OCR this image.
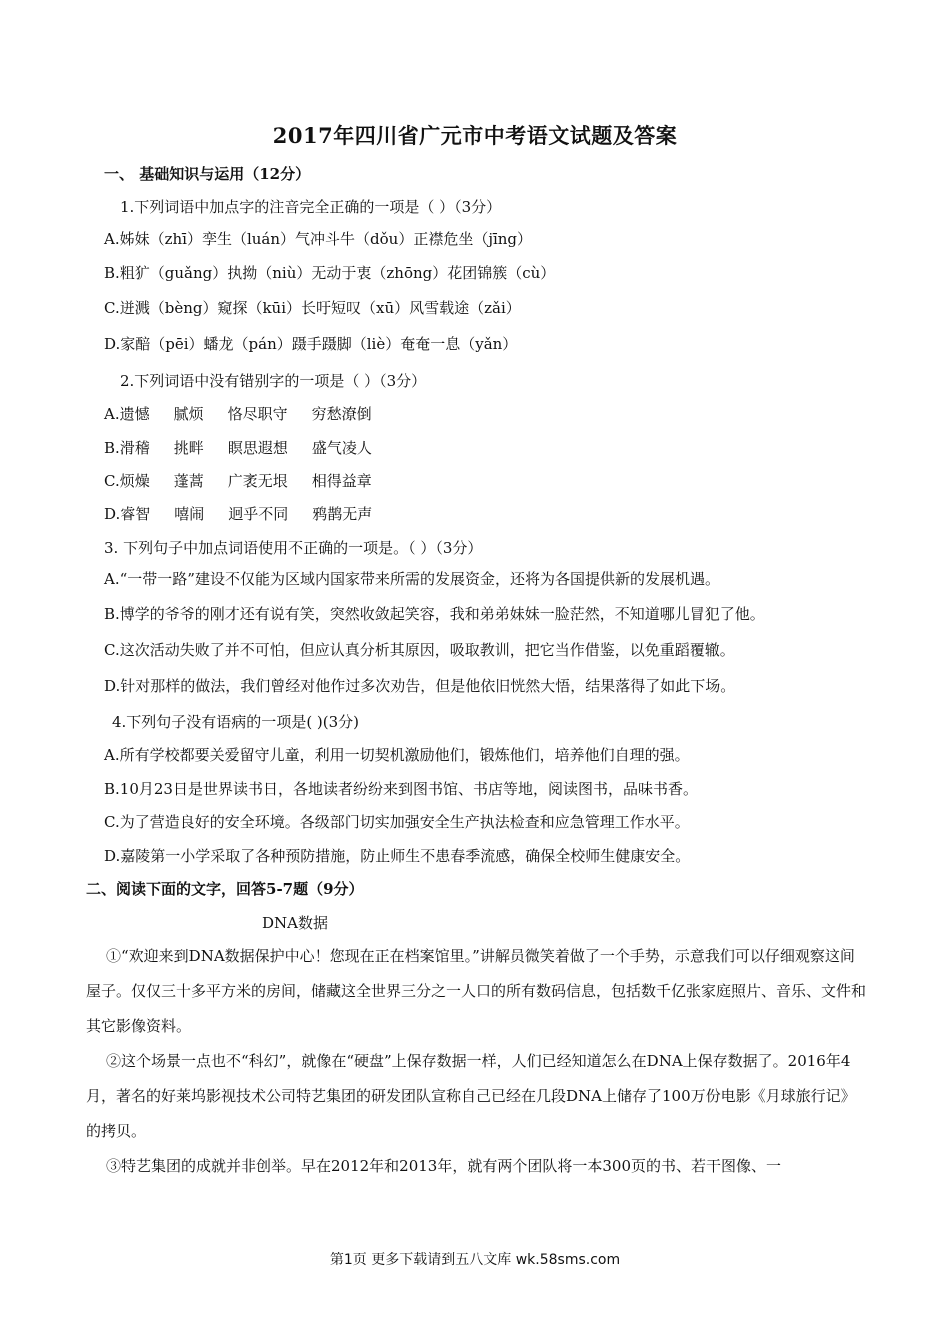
2017年四川省广元市中考语文试题及答案
一、 基础知识与运用（12分）
1.下列词语中加点字的注音完全正确的一项是（ ）（3分）
A.姊妹（zhī）孪生（luán）气冲斗牛（dǒu）正襟危坐（jīng）
B.粗犷（guǎng）执拗（niù）无动于衷（zhōng）花团锦簇（cù）
C.迸溅（bèng）窥探（kūi）长吁短叹（xū）风雪载途（zǎi）
D.家醅（pēi）蟠龙（pán）蹑手蹑脚（liè）奄奄一息（yǎn）
2.下列词语中没有错别字的一项是（ ）（3分）
A.遗憾 腻烦 恪尽职守 穷愁潦倒
B.滑稽 挑畔 瞑思遐想 盛气凌人
C.烦燥 蓬蒿 广袤无垠 相得益章
D.睿智 嘻闹 迥乎不同 鸦鹊无声
3. 下列句子中加点词语使用不正确的一项是。（ ）（3分）
A.“一带一路”建设不仅能为区域内国家带来所需的发展资金，还将为各国提供新的发展机遇。
B.博学的爷爷的刚才还有说有笑，突然收敛起笑容，我和弟弟妹妹一脸茫然，不知道哪儿冒犯了他。
C.这次活动失败了并不可怕，但应认真分析其原因，吸取教训，把它当作借鉴，以免重蹈覆辙。
D.针对那样的做法，我们曾经对他作过多次劝告，但是他依旧恍然大悟，结果落得了如此下场。
4.下列句子没有语病的一项是( )(3分)
A.所有学校都要关爱留守儿童，利用一切契机激励他们，锻炼他们，培养他们自理的强。
B.10月23日是世界读书日，各地读者纷纷来到图书馆、书店等地，阅读图书，品味书香。
C.为了营造良好的安全环境。各级部门切实加强安全生产执法检查和应急管理工作水平。
D.嘉陵第一小学采取了各种预防措施，防止师生不患春季流感，确保全校师生健康安全。
二、阅读下面的文字，回答5-7题（9分）
DNA数据
①“欢迎来到DNA数据保护中心！您现在正在档案馆里。”讲解员微笑着做了一个手势，示意我们可以仔细观察这间屋子。仅仅三十多平方米的房间，储藏这全世界三分之一人口的所有数码信息，包括数千亿张家庭照片、音乐、文件和其它影像资料。
②这个场景一点也不“科幻”，就像在“硬盘”上保存数据一样，人们已经知道怎么在DNA上保存数据了。2016年4月，著名的好莱坞影视技术公司特艺集团的研发团队宣称自己已经在几段DNA上储存了100万份电影《月球旅行记》的拷贝。
③特艺集团的成就并非创举。早在2012年和2013年，就有两个团队将一本300页的书、若干图像、一
第1页 更多下载请到五八文库 wk.58sms.com
